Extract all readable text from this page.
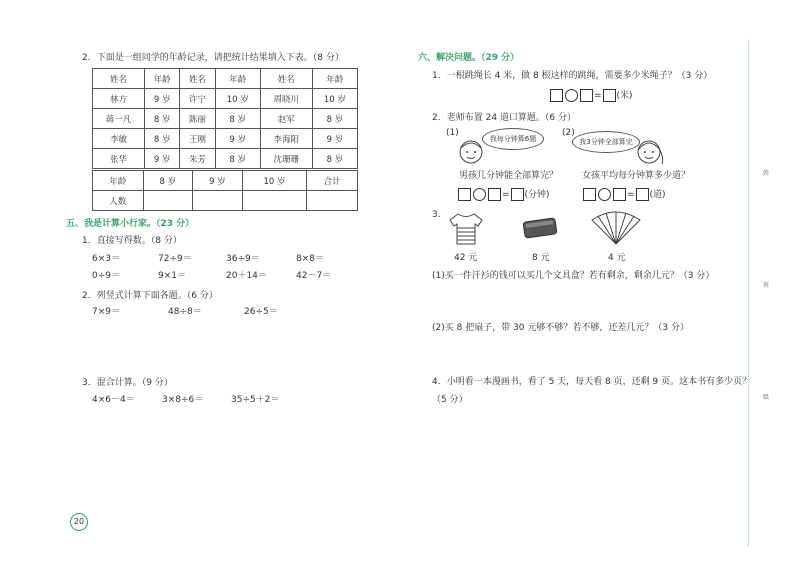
2．下面是一组同学的年龄记录，请把统计结果填入下表。（8 分）
姓名	年龄	姓名	年龄	姓名	年龄
林方	9 岁	许宁	10 岁	周晓川	10 岁
蒋一凡	8 岁	陈丽	8 岁	赵军	8 岁
李敏	8 岁	王刚	9 岁	李海阳	9 岁
张华	9 岁	朱芳	8 岁	沈珊珊	8 岁
年龄	8 岁	9 岁	10 岁	合计
人数				
五、我是计算小行家。（23 分）
1．直接写得数。（8 分）
6×3＝	72÷9＝	36÷9＝	8×8＝
0÷9＝	9×1＝	20＋14＝	42－7＝
2．列竖式计算下面各题。（6 分）
7×9＝	48÷8＝	26÷5＝
3．混合计算。（9 分）
4×6－4＝	3×8÷6＝	35÷5＋2＝
20
六、解决问题。（29 分）
1．一根跳绳长 4 米，做 8 根这样的跳绳，需要多少米绳子？（3 分）
= (米)
2．老师布置 24 道口算题。（6 分）
(1)	(2)
我每分钟算6题	我3分钟全部算完
男孩几分钟能全部算完？	女孩平均每分钟算多少道？
= (分钟)	= (道)
3.
42 元	8 元	4 元
(1)买一件汗衫的钱可以买几个文具盒？若有剩余，剩余几元？（3 分）
(2)买 8 把扇子，带 30 元够不够？若不够，还差几元？（3 分）
4．小明看一本漫画书，看了 5 天，每天看 8 页，还剩 9 页。这本书有多少页？
（5 分）
姓
班
级
